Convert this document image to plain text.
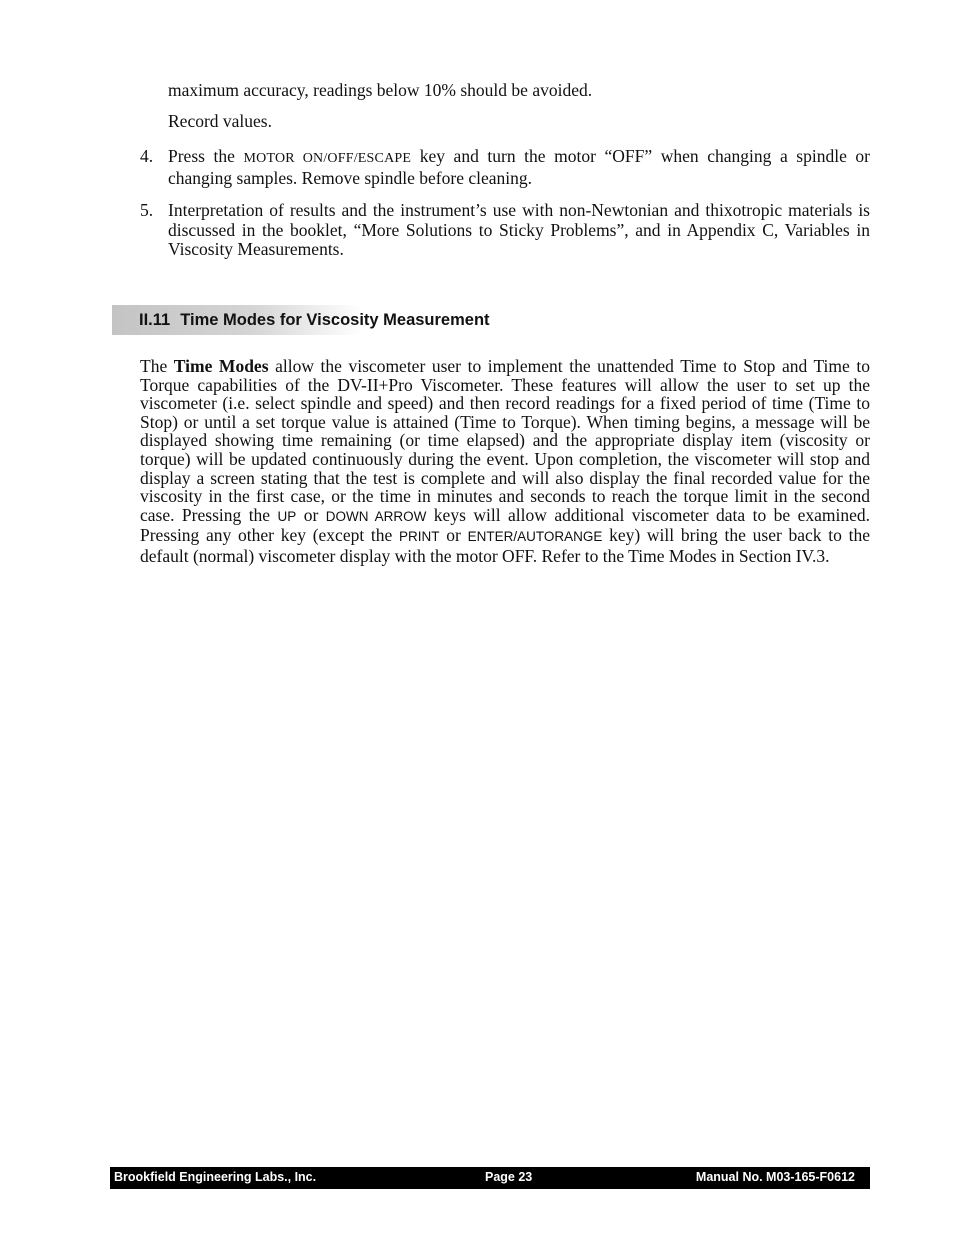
maximum accuracy, readings below 10% should be avoided.
Record values.
4. Press the MOTOR ON/OFF/ESCAPE key and turn the motor “OFF” when changing a spindle or changing samples. Remove spindle before cleaning.
5. Interpretation of results and the instrument’s use with non-Newtonian and thixotropic materials is discussed in the booklet, “More Solutions to Sticky Problems”, and in Appendix C, Variables in Viscosity Measurements.
II.11 Time Modes for Viscosity Measurement
The Time Modes allow the viscometer user to implement the unattended Time to Stop and Time to Torque capabilities of the DV-II+Pro Viscometer. These features will allow the user to set up the viscometer (i.e. select spindle and speed) and then record readings for a fixed period of time (Time to Stop) or until a set torque value is attained (Time to Torque). When timing begins, a message will be displayed showing time remaining (or time elapsed) and the appropriate display item (viscosity or torque) will be updated continuously during the event. Upon completion, the viscometer will stop and display a screen stating that the test is complete and will also display the final recorded value for the viscosity in the first case, or the time in minutes and seconds to reach the torque limit in the second case. Pressing the UP or DOWN ARROW keys will allow additional viscometer data to be examined. Pressing any other key (except the PRINT or ENTER/AUTORANGE key) will bring the user back to the default (normal) viscometer display with the motor OFF. Refer to the Time Modes in Section IV.3.
Brookfield Engineering Labs., Inc.	Page 23	Manual No. M03-165-F0612
